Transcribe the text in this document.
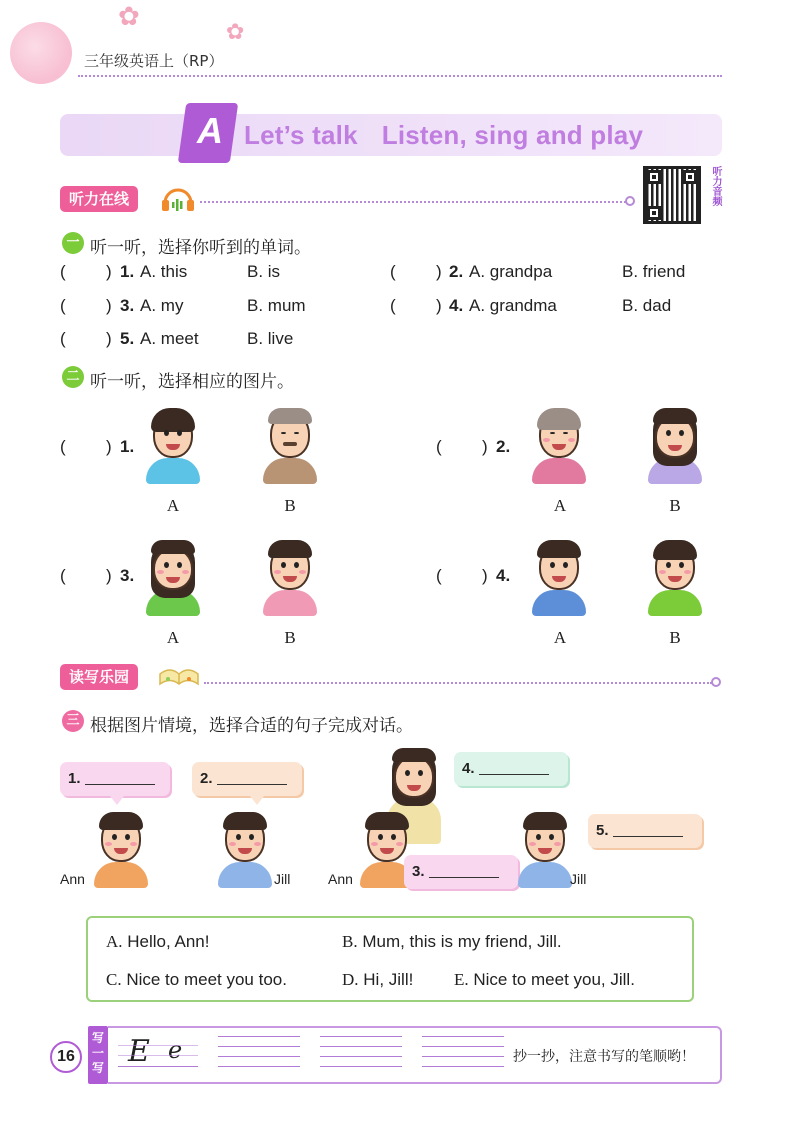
✿
✿
三年级英语上（RP）
A Let’s talk Listen, sing and play
听力在线	听力音频
一 听一听，选择你听到的单词。
( ) 1. A. this	B. is	( ) 2. A. grandpa	B. friend
( ) 3. A. my	B. mum	( ) 4. A. grandma	B. dad
( ) 5. A. meet	B. live
二 听一听，选择相应的图片。
( ) 1.
A	B
( ) 2.
A	B
( ) 3.
A	B
( ) 4.
A	B
读写乐园
三 根据图片情境，选择合适的句子完成对话。
1.	2.
Ann	Jill
4.
Ann	3.	Jill
5.
A. Hello, Ann!	B. Mum, this is my friend, Jill.
C. Nice to meet you too.	D. Hi, Jill! E. Nice to meet you, Jill.
16
写一写 E e	抄一抄，注意书写的笔顺哟！
